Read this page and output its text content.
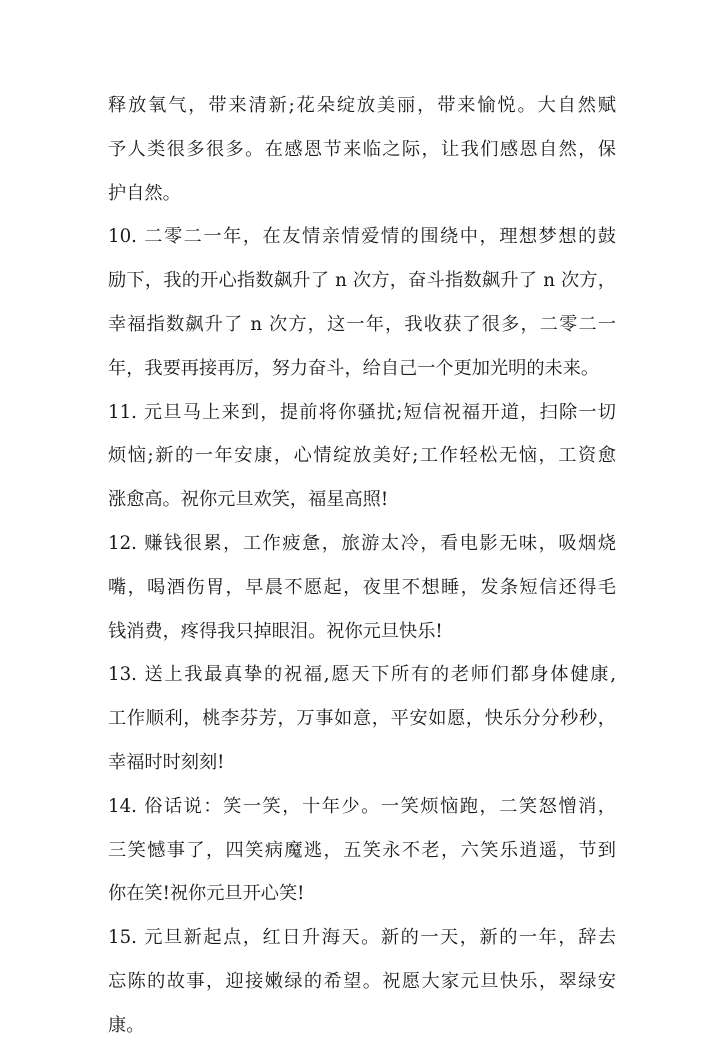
释放氧气，带来清新;花朵绽放美丽，带来愉悦。大自然赋
予人类很多很多。在感恩节来临之际，让我们感恩自然，保
护自然。
10. 二零二一年，在友情亲情爱情的围绕中，理想梦想的鼓
励下，我的开心指数飙升了 n 次方，奋斗指数飙升了 n 次方，
幸福指数飙升了 n 次方，这一年，我收获了很多，二零二一
年，我要再接再厉，努力奋斗，给自己一个更加光明的未来。
11. 元旦马上来到，提前将你骚扰;短信祝福开道，扫除一切
烦恼;新的一年安康，心情绽放美好;工作轻松无恼，工资愈
涨愈高。祝你元旦欢笑，福星高照!
12. 赚钱很累，工作疲惫，旅游太冷，看电影无味，吸烟烧
嘴，喝酒伤胃，早晨不愿起，夜里不想睡，发条短信还得毛
钱消费，疼得我只掉眼泪。祝你元旦快乐!
13. 送上我最真挚的祝福,愿天下所有的老师们都身体健康,
工作顺利，桃李芬芳，万事如意，平安如愿，快乐分分秒秒，
幸福时时刻刻!
14. 俗话说：笑一笑，十年少。一笑烦恼跑，二笑怒憎消，
三笑憾事了，四笑病魔逃，五笑永不老，六笑乐逍遥，节到
你在笑!祝你元旦开心笑!
15. 元旦新起点，红日升海天。新的一天，新的一年，辞去
忘陈的故事，迎接嫩绿的希望。祝愿大家元旦快乐，翠绿安
康。
